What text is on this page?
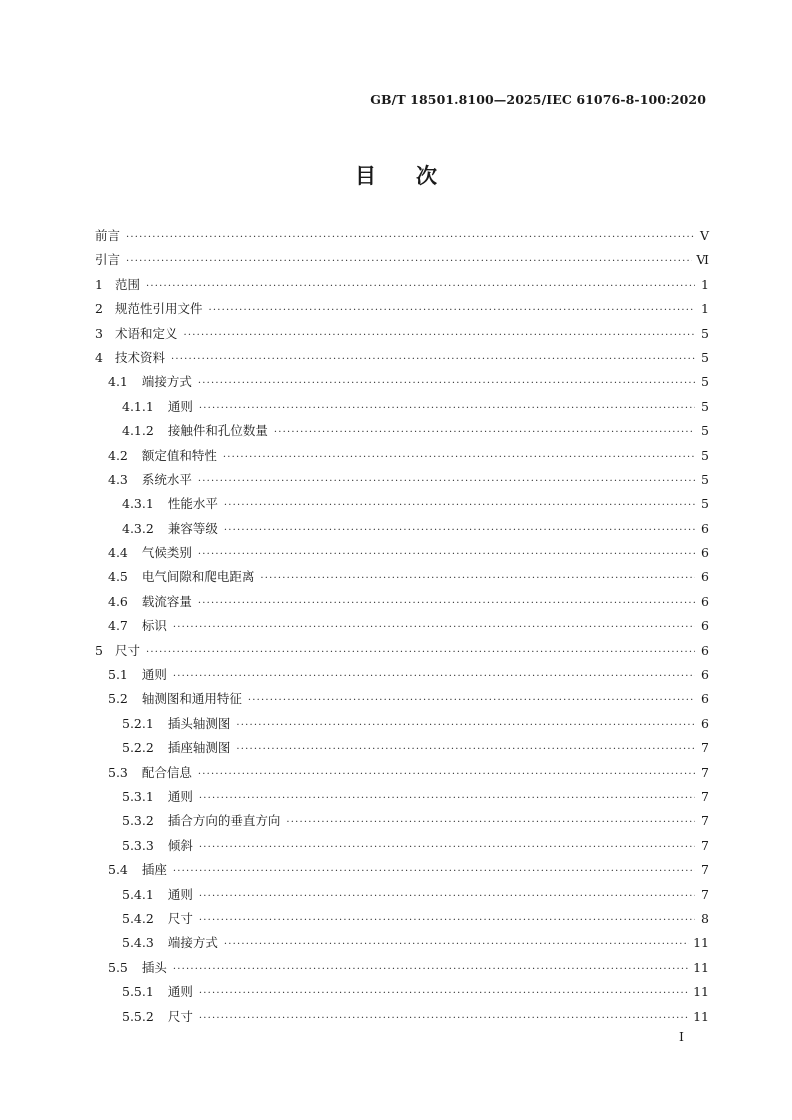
GB/T 18501.8100—2025/IEC 61076-8-100:2020
目 次
前言 ·····	Ⅴ
引言 ·····	Ⅵ
1 范围 ·····	1
2 规范性引用文件 ·····	1
3 术语和定义 ·····	5
4 技术资料 ·····	5
4.1 端接方式 ·····	5
4.1.1 通则 ·····	5
4.1.2 接触件和孔位数量 ·····	5
4.2 额定值和特性 ·····	5
4.3 系统水平 ·····	5
4.3.1 性能水平 ·····	5
4.3.2 兼容等级 ·····	6
4.4 气候类别 ·····	6
4.5 电气间隙和爬电距离 ·····	6
4.6 载流容量 ·····	6
4.7 标识 ·····	6
5 尺寸 ·····	6
5.1 通则 ·····	6
5.2 轴测图和通用特征 ·····	6
5.2.1 插头轴测图 ·····	6
5.2.2 插座轴测图 ·····	7
5.3 配合信息 ·····	7
5.3.1 通则 ·····	7
5.3.2 插合方向的垂直方向 ·····	7
5.3.3 倾斜 ·····	7
5.4 插座 ·····	7
5.4.1 通则 ·····	7
5.4.2 尺寸 ·····	8
5.4.3 端接方式 ·····	11
5.5 插头 ·····	11
5.5.1 通则 ·····	11
5.5.2 尺寸 ·····	11
Ⅰ
